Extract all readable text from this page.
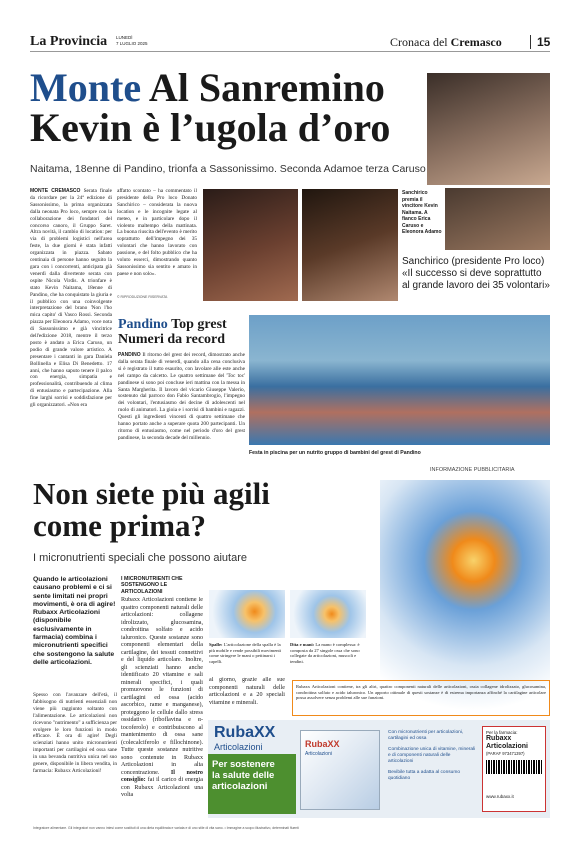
La Provincia LUNEDÌ
7 LUGLIO 2025	Cronaca del Cremasco	15
Monte Al Sanremino
Kevin è l’ugola d’oro
Naitama, 18enne di Pandino, trionfa a Sassonissimo. Seconda Adamoe terza Caruso
MONTE CREMASCO Serata finale da ricordare per la 24ª edizione di Sassonissimo, la prima organizzata dalla neonata Pro loco, sempre con la collaborazione dei fondatori del concorso canoro, il Gruppo Saret. Altra novità, il cambio di location: per via di problemi logistici nell'area feste, la due giorni è stata infatti organizzata in piazza. Sabato centinaia di persone hanno seguito la gara con i concorrenti, anticipata già venerdì dalla divertente serata con ospite Nicola Virdis. A trionfare è stato Kevin Naitama, 18enne di Pandino, che ha conquistato la giuria e il pubblico con una coinvolgente interpretazione del brano 'Non l'ho mica capito' di Vasco Rossi. Seconda piazza per Eleonora Adamo, voce nota di Sassonissimo e già vincitrice dell'edizione 2018, mentre il terzo posto è andato a Erica Caruso, un podio di grande valore artistico. A presentare i cantanti in gara Daniela Bollinella e Elisa Di Benedetto. 17 anni, che hanno saputo tenere il palco con energia, simpatia e professionalità, contribuendo al clima di entusiasmo e partecipazione. Alla fine larghi sorrisi e soddisfazione per gli organizzatori. «Non era
affatto scontato – ha commentato il presidente della Pro loco Donato Sanchirico – considerata la nuova location e le incognite legate al meteo, e in particolare dopo il violento maltempo della mattinata. La buona riuscita dell'evento è merito soprattutto dell'impegno dei 35 volontari che hanno lavorato con passione, e del folto pubblico che ha voluto esserci, dimostrando quanto Sassonissimo sia sentito e amato in paese e non solo».
© RIPRODUZIONE RISERVATA
Sanchirico premia il vincitore Kevin Naitama. A fianco Erica Caruso e Eleonora Adamo
Sanchirico (presidente Pro loco) «Il successo si deve soprattutto al grande lavoro dei 35 volontari»
Pandino Top grest
Numeri da record
PANDINO Il ritorno del grest dei record, dimostrato anche dalla serata finale di venerdì, quando alla cena conclusiva si è registrato il tutto esaurito, con lavolare alle este anche nel campo da calcetto. Le quattro settimane del 'Toc toc' pandinese si sono poi concluse ieri mattina con la messa in Santa Margherita. Il lavoro del vicario Giuseppe Valerio, sostenuto dal parroco don Fabio Santambrogio, l'impegno dei volontari, l'entusiasmo dei decine di adolescenti nel ruolo di animatori. La gioia e i sorrisi di bambini e ragazzi. Questi gli ingredienti vincenti di quattro settimane che hanno portato anche a superare quota 200 partecipanti. Un ritorno di entusiasmo, come nel periodo d'oro del grest pandinese, la seconda decade del millennio.
Festa in piscina per un nutrito gruppo di bambini del grest di Pandino
INFORMAZIONE PUBBLICITARIA
Non siete più agili
come prima?
I micronutrienti speciali che possono aiutare
Quando le articolazioni causano problemi e ci si sente limitati nei propri movimenti, è ora di agire! Rubaxx Articolazioni (disponibile esclusivamente in farmacia) combina i micronutrienti specifici che sostengono la salute delle articolazioni.
Spesso con l'avanzare dell'età, il fabbisogno di nutrienti essenziali non viene più raggiunto soltanto con l'alimentazione. Le articolazioni non ricevono "nutrimento" a sufficienza per svolgere le loro funzioni in modo efficace. È ora di agire! Degli scienziati hanno unito micronutrienti importanti per cartilagini ed ossa sane in una bevanda nutritiva unica nel suo genere, disponibile in libera vendita, in farmacia: Rubaxx Articolazioni!
I MICRONUTRIENTI CHE SOSTENGONO LE ARTICOLAZIONI
Rubaxx Articolazioni contiene le quattro componenti naturali delle articolazioni: collagene idrolizzato, glucosamina, condroitina solfato e acido ialuronico. Queste sostanze sono componenti elementari della cartilagine, dei tessuti connettivi e del liquido articolare. Inoltre, gli scienziati hanno anche identificato 20 vitamine e sali minerali specifici, i quali promuovono le funzioni di cartilagini ed ossa (acido ascorbico, rame e manganese), proteggono le cellule dallo stress ossidativo (riboflavina e α-tocoferolo) e contribuiscono al mantenimento di ossa sane (colecalciferolo e fillochinone). Tutte queste sostanze nutritive sono contenute in Rubaxx Articolazioni in alta concentrazione. Il nostro consiglio: fai il carico di energia con Rubaxx Articolazioni una volta
Spalle: L'articolazione della spalla è la più mobile e rende possibili movimenti come stringere le mani o pettinarsi i capelli.
Dita e mani: La mano è complessa: è composta da 27 singole ossa che sono collegate da articolazioni, muscoli e tendini.
al giorno, grazie alle sue componenti naturali delle articolazioni e a 20 speciali vitamine e minerali.
Rubaxx Articolazioni contiene, tra gli altri, quattro componenti naturali delle articolazioni, ossia collagene idrolizzato, glucosamina, condroitina solfato e acido ialuronico. Un apporto ottimale di questi sostanze è di estrema importanza affinché la cartilagine articolare possa assolvere senza problemi alle sue funzioni.
RubaXX
Articolazioni
Per sostenere
la salute delle
articolazioni
RubaXX
Articolazioni
Con micronutrienti per articolazioni, cartilagini ed ossa
Combinazione unica di vitamine, minerali e di componenti naturali delle articolazioni
Bevibile tutta a adatta al consumo quotidiano
Per la farmacia:
Rubaxx Articolazioni
(PARAF 973471397)
www.rubaxx.it
Integratore alimentare. Gli integratori non vanno intesi come sostituti di una dieta equilibrata e variata e di uno stile di vita sano. • Immagine a scopo illustrativo, determinati fluenti
